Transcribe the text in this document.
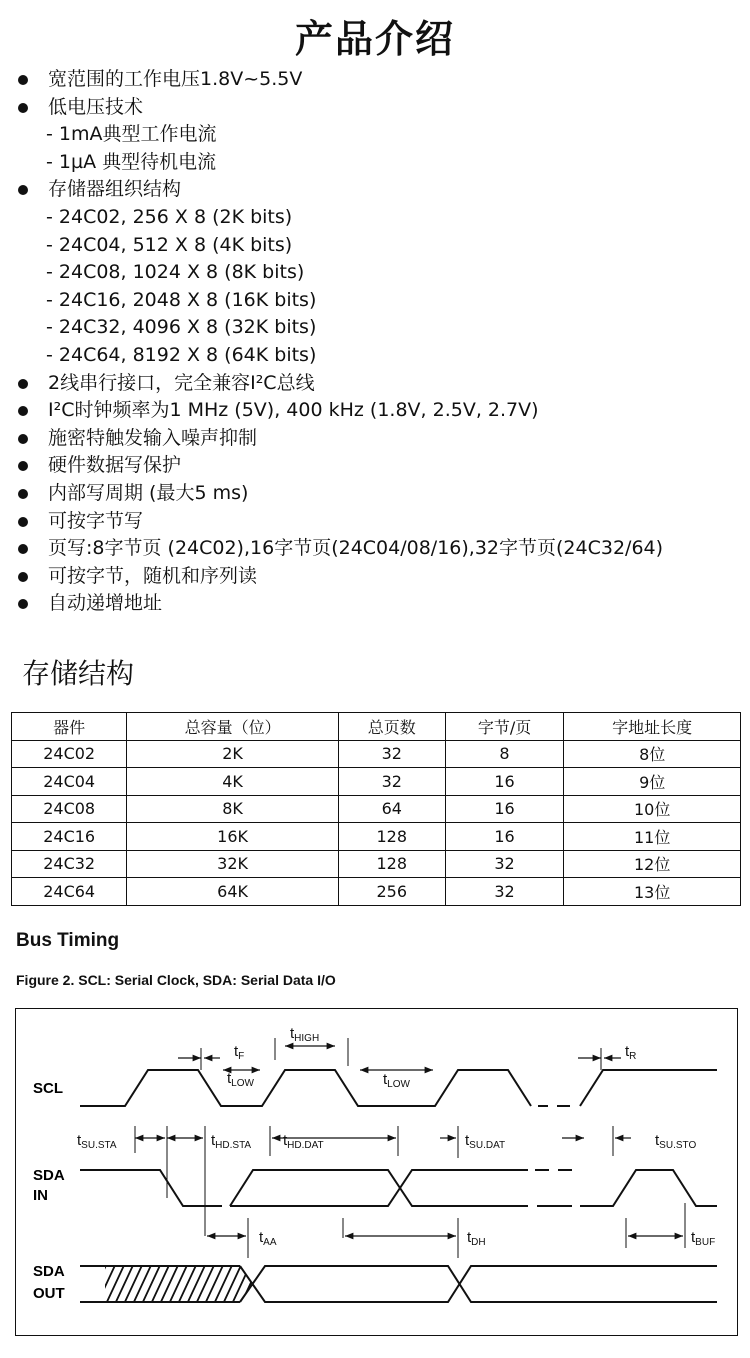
产品介绍
宽范围的工作电压1.8V~5.5V
低电压技术
- 1mA典型工作电流
- 1µA 典型待机电流
存储器组织结构
- 24C02, 256 X 8 (2K bits)
- 24C04, 512 X 8 (4K bits)
- 24C08, 1024 X 8 (8K bits)
- 24C16, 2048 X 8 (16K bits)
- 24C32, 4096 X 8 (32K bits)
- 24C64, 8192 X 8 (64K bits)
2线串行接口，完全兼容I²C总线
I²C时钟频率为1 MHz (5V), 400 kHz (1.8V, 2.5V, 2.7V)
施密特触发输入噪声抑制
硬件数据写保护
内部写周期 (最大5 ms)
可按字节写
页写:8字节页 (24C02),16字节页(24C04/08/16),32字节页(24C32/64)
可按字节，随机和序列读
自动递增地址
存储结构
器件	总容量（位）	总页数	字节/页	字地址长度
24C02	2K	32	8	8位
24C04	4K	32	16	9位
24C08	8K	64	16	10位
24C16	16K	128	16	11位
24C32	32K	128	32	12位
24C64	64K	256	32	13位
Bus Timing
Figure 2. SCL: Serial Clock, SDA: Serial Data I/O
SCL
SDA
IN
SDA
OUT
$t_F$
$t_{HIGH}$
$t_{LOW}$	$t_{LOW}$
$t_R$
$t_{SU.STA}$	$t_{HD.STA}$ $t_{HD.DAT}$	$t_{SU.DAT}$	$t_{SU.STO}$
$t_{AA}$	$t_{DH}$	$t_{BUF}$
